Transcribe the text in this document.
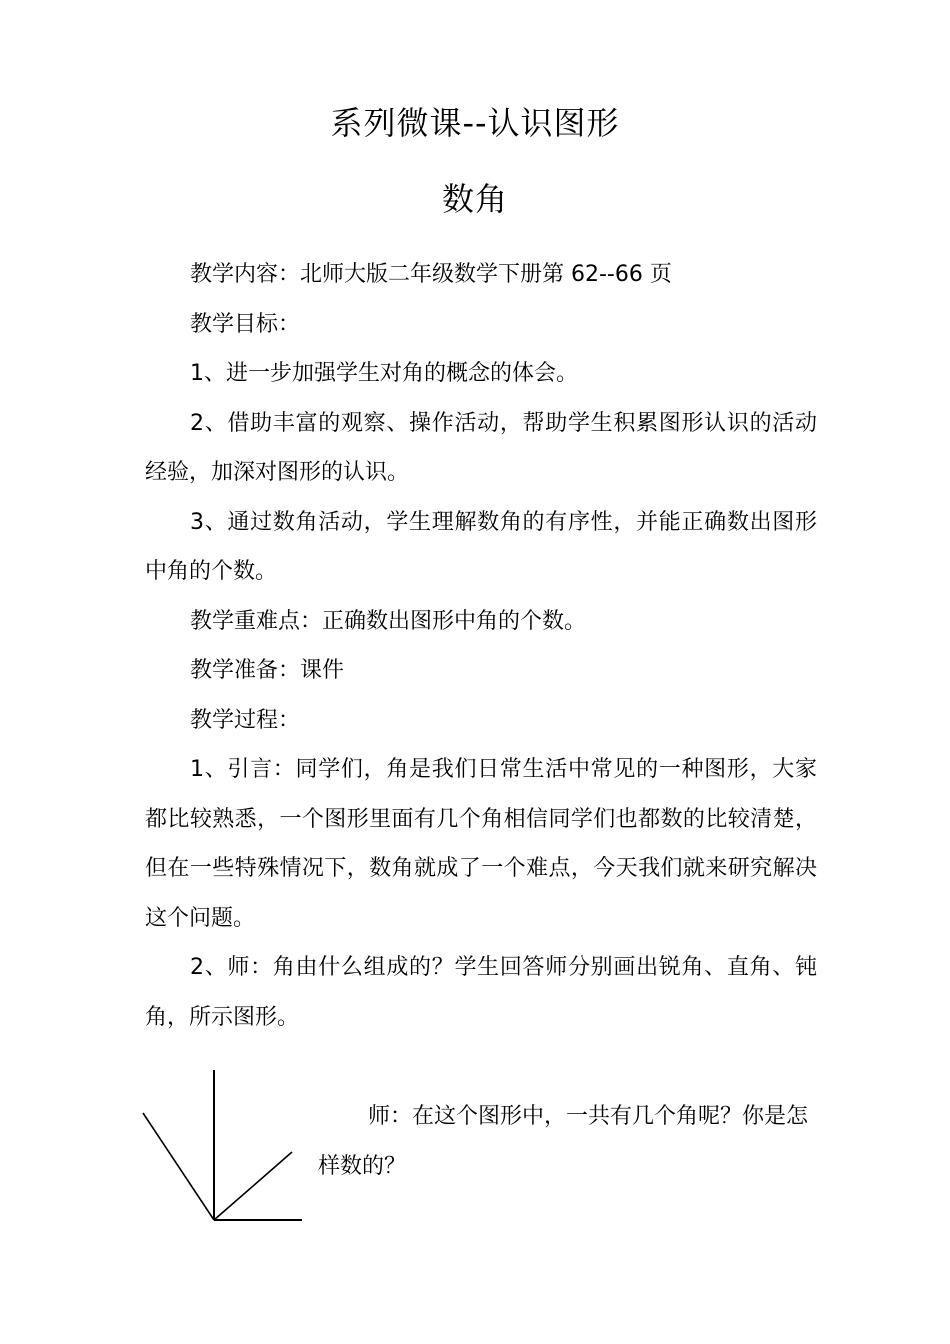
系列微课--认识图形
数角

教学内容：北师大版二年级数学下册第 62--66 页

教学目标：

1、进一步加强学生对角的概念的体会。

2、借助丰富的观察、操作活动，帮助学生积累图形认识的活动经验，加深对图形的认识。

3、通过数角活动，学生理解数角的有序性，并能正确数出图形中角的个数。

教学重难点：正确数出图形中角的个数。

教学准备：课件

教学过程：

1、引言：同学们，角是我们日常生活中常见的一种图形，大家都比较熟悉，一个图形里面有几个角相信同学们也都数的比较清楚，但在一些特殊情况下，数角就成了一个难点，今天我们就来研究解决这个问题。

2、师：角由什么组成的？学生回答师分别画出锐角、直角、钝角，所示图形。

师：在这个图形中，一共有几个角呢？你是怎样数的？
